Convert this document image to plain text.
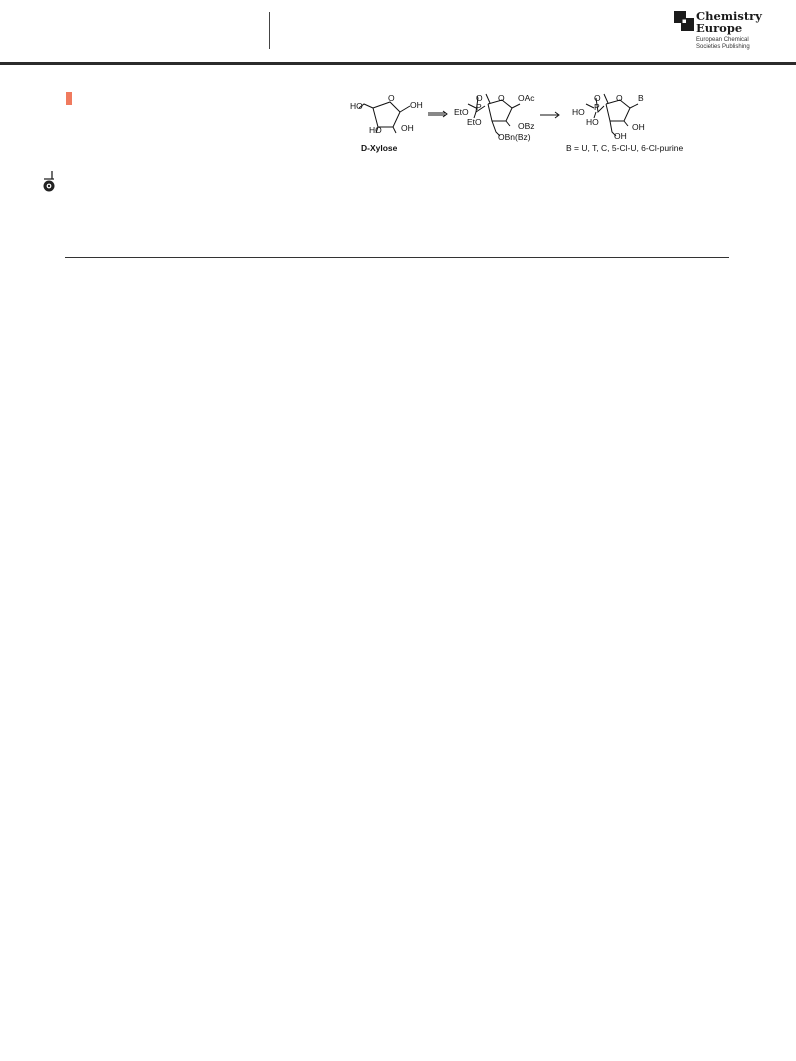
Chemistry
Europe
European Chemical
Societies Publishing
HO
O
OH
HO OH
D-Xylose
O
EtO P
EtO
O OAc
OBz
OBn(Bz)
O
HO P
HO
O B
OH
OH
B = U, T, C, 5-Cl-U, 6-Cl-purine
